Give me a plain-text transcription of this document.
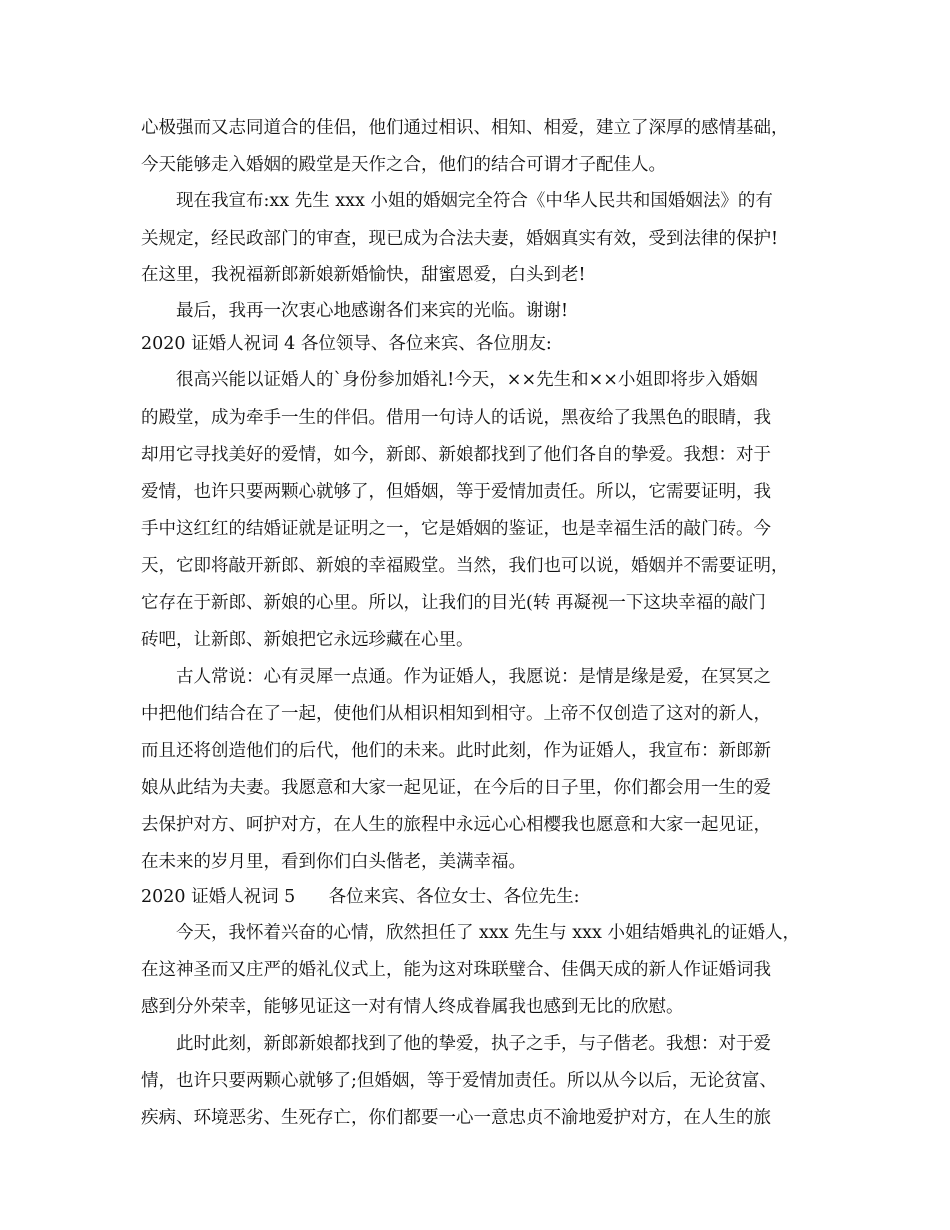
心极强而又志同道合的佳侣，他们通过相识、相知、相爱，建立了深厚的感情基础，
今天能够走入婚姻的殿堂是天作之合，他们的结合可谓才子配佳人。
现在我宣布:xx 先生 xxx 小姐的婚姻完全符合《中华人民共和国婚姻法》的有
关规定，经民政部门的审查，现已成为合法夫妻，婚姻真实有效，受到法律的保护!
在这里，我祝福新郎新娘新婚愉快，甜蜜恩爱，白头到老!
最后，我再一次衷心地感谢各们来宾的光临。谢谢!
2020 证婚人祝词 4 各位领导、各位来宾、各位朋友:
很高兴能以证婚人的`身份参加婚礼!今天，××先生和××小姐即将步入婚姻
的殿堂，成为牵手一生的伴侣。借用一句诗人的话说，黑夜给了我黑色的眼睛，我
却用它寻找美好的爱情，如今，新郎、新娘都找到了他们各自的挚爱。我想：对于
爱情，也许只要两颗心就够了，但婚姻，等于爱情加责任。所以，它需要证明，我
手中这红红的结婚证就是证明之一，它是婚姻的鉴证，也是幸福生活的敲门砖。今
天，它即将敲开新郎、新娘的幸福殿堂。当然，我们也可以说，婚姻并不需要证明，
它存在于新郎、新娘的心里。所以，让我们的目光(转 再凝视一下这块幸福的敲门
砖吧，让新郎、新娘把它永远珍藏在心里。
古人常说：心有灵犀一点通。作为证婚人，我愿说：是情是缘是爱，在冥冥之
中把他们结合在了一起，使他们从相识相知到相守。上帝不仅创造了这对的新人，
而且还将创造他们的后代，他们的未来。此时此刻，作为证婚人，我宣布：新郎新
娘从此结为夫妻。我愿意和大家一起见证，在今后的日子里，你们都会用一生的爱
去保护对方、呵护对方，在人生的旅程中永远心心相樱我也愿意和大家一起见证，
在未来的岁月里，看到你们白头偕老，美满幸福。
2020 证婚人祝词 5      各位来宾、各位女士、各位先生:
今天，我怀着兴奋的心情，欣然担任了 xxx 先生与 xxx 小姐结婚典礼的证婚人，
在这神圣而又庄严的婚礼仪式上，能为这对珠联璧合、佳偶天成的新人作证婚词我
感到分外荣幸，能够见证这一对有情人终成眷属我也感到无比的欣慰。
此时此刻，新郎新娘都找到了他的挚爱，执子之手，与子偕老。我想：对于爱
情，也许只要两颗心就够了;但婚姻，等于爱情加责任。所以从今以后，无论贫富、
疾病、环境恶劣、生死存亡，你们都要一心一意忠贞不渝地爱护对方，在人生的旅
